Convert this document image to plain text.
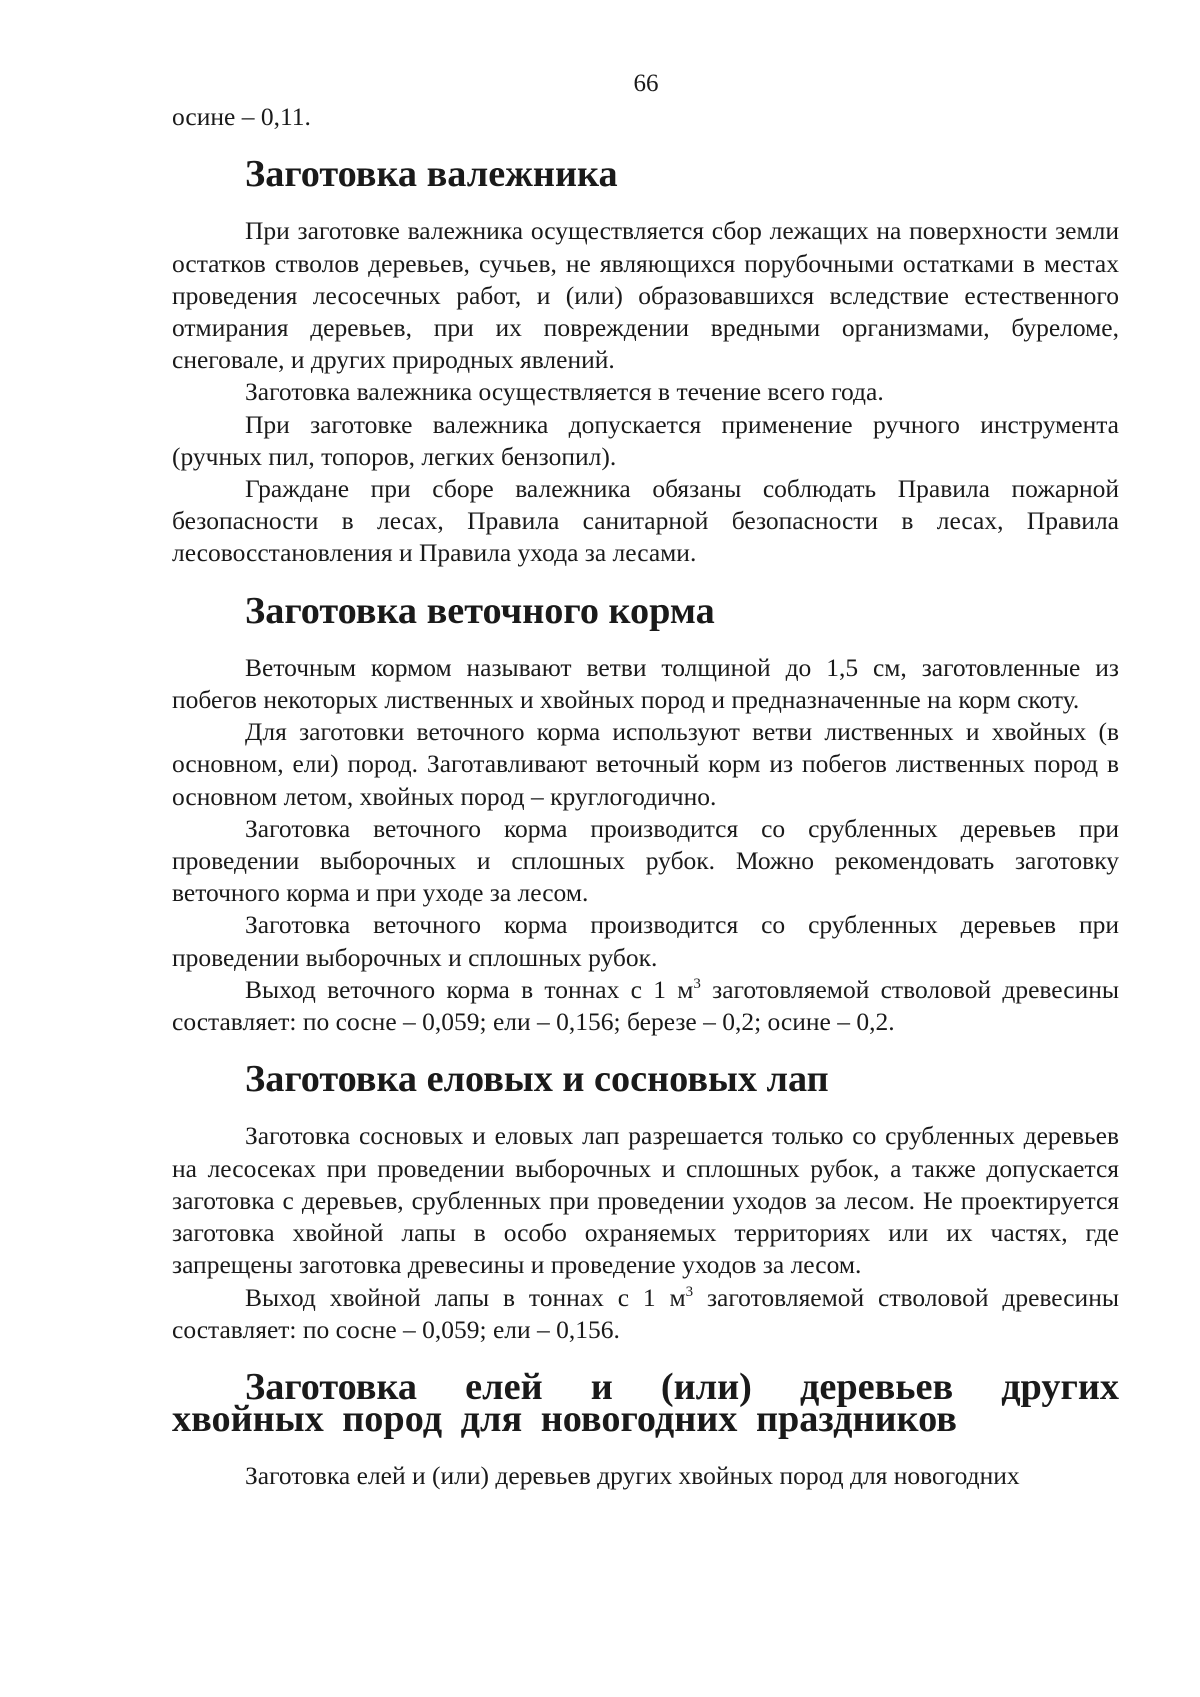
66

осине – 0,11.

Заготовка валежника

При заготовке валежника осуществляется сбор лежащих на поверхности земли остатков стволов деревьев, сучьев, не являющихся порубочными остатками в местах проведения лесосечных работ, и (или) образовавшихся вследствие естественного отмирания деревьев, при их повреждении вредными организмами, буреломе, снеговале, и других природных явлений.

Заготовка валежника осуществляется в течение всего года.

При заготовке валежника допускается применение ручного инструмента (ручных пил, топоров, легких бензопил).

Граждане при сборе валежника обязаны соблюдать Правила пожарной безопасности в лесах, Правила санитарной безопасности в лесах, Правила лесовосстановления и Правила ухода за лесами.

Заготовка веточного корма

Веточным кормом называют ветви толщиной до 1,5 см, заготовленные из побегов некоторых лиственных и хвойных пород и предназначенные на корм скоту.

Для заготовки веточного корма используют ветви лиственных и хвойных (в основном, ели) пород. Заготавливают веточный корм из побегов лиственных пород в основном летом, хвойных пород – круглогодично.

Заготовка веточного корма производится со срубленных деревьев при проведении выборочных и сплошных рубок. Можно рекомендовать заготовку веточного корма и при уходе за лесом.

Заготовка веточного корма производится со срубленных деревьев при проведении выборочных и сплошных рубок.

Выход веточного корма в тоннах с 1 $м^3$ заготовляемой стволовой древесины составляет: по сосне – 0,059; ели – 0,156; березе – 0,2; осине – 0,2.

Заготовка еловых и сосновых лап

Заготовка сосновых и еловых лап разрешается только со срубленных деревьев на лесосеках при проведении выборочных и сплошных рубок, а также допускается заготовка с деревьев, срубленных при проведении уходов за лесом. Не проектируется заготовка хвойной лапы в особо охраняемых территориях или их частях, где запрещены заготовка древесины и проведение уходов за лесом.

Выход хвойной лапы в тоннах с 1 $м^3$ заготовляемой стволовой древесины составляет: по сосне – 0,059; ели – 0,156.

Заготовка елей и (или) деревьев других хвойных пород для новогодних праздников

Заготовка елей и (или) деревьев других хвойных пород для новогодних
